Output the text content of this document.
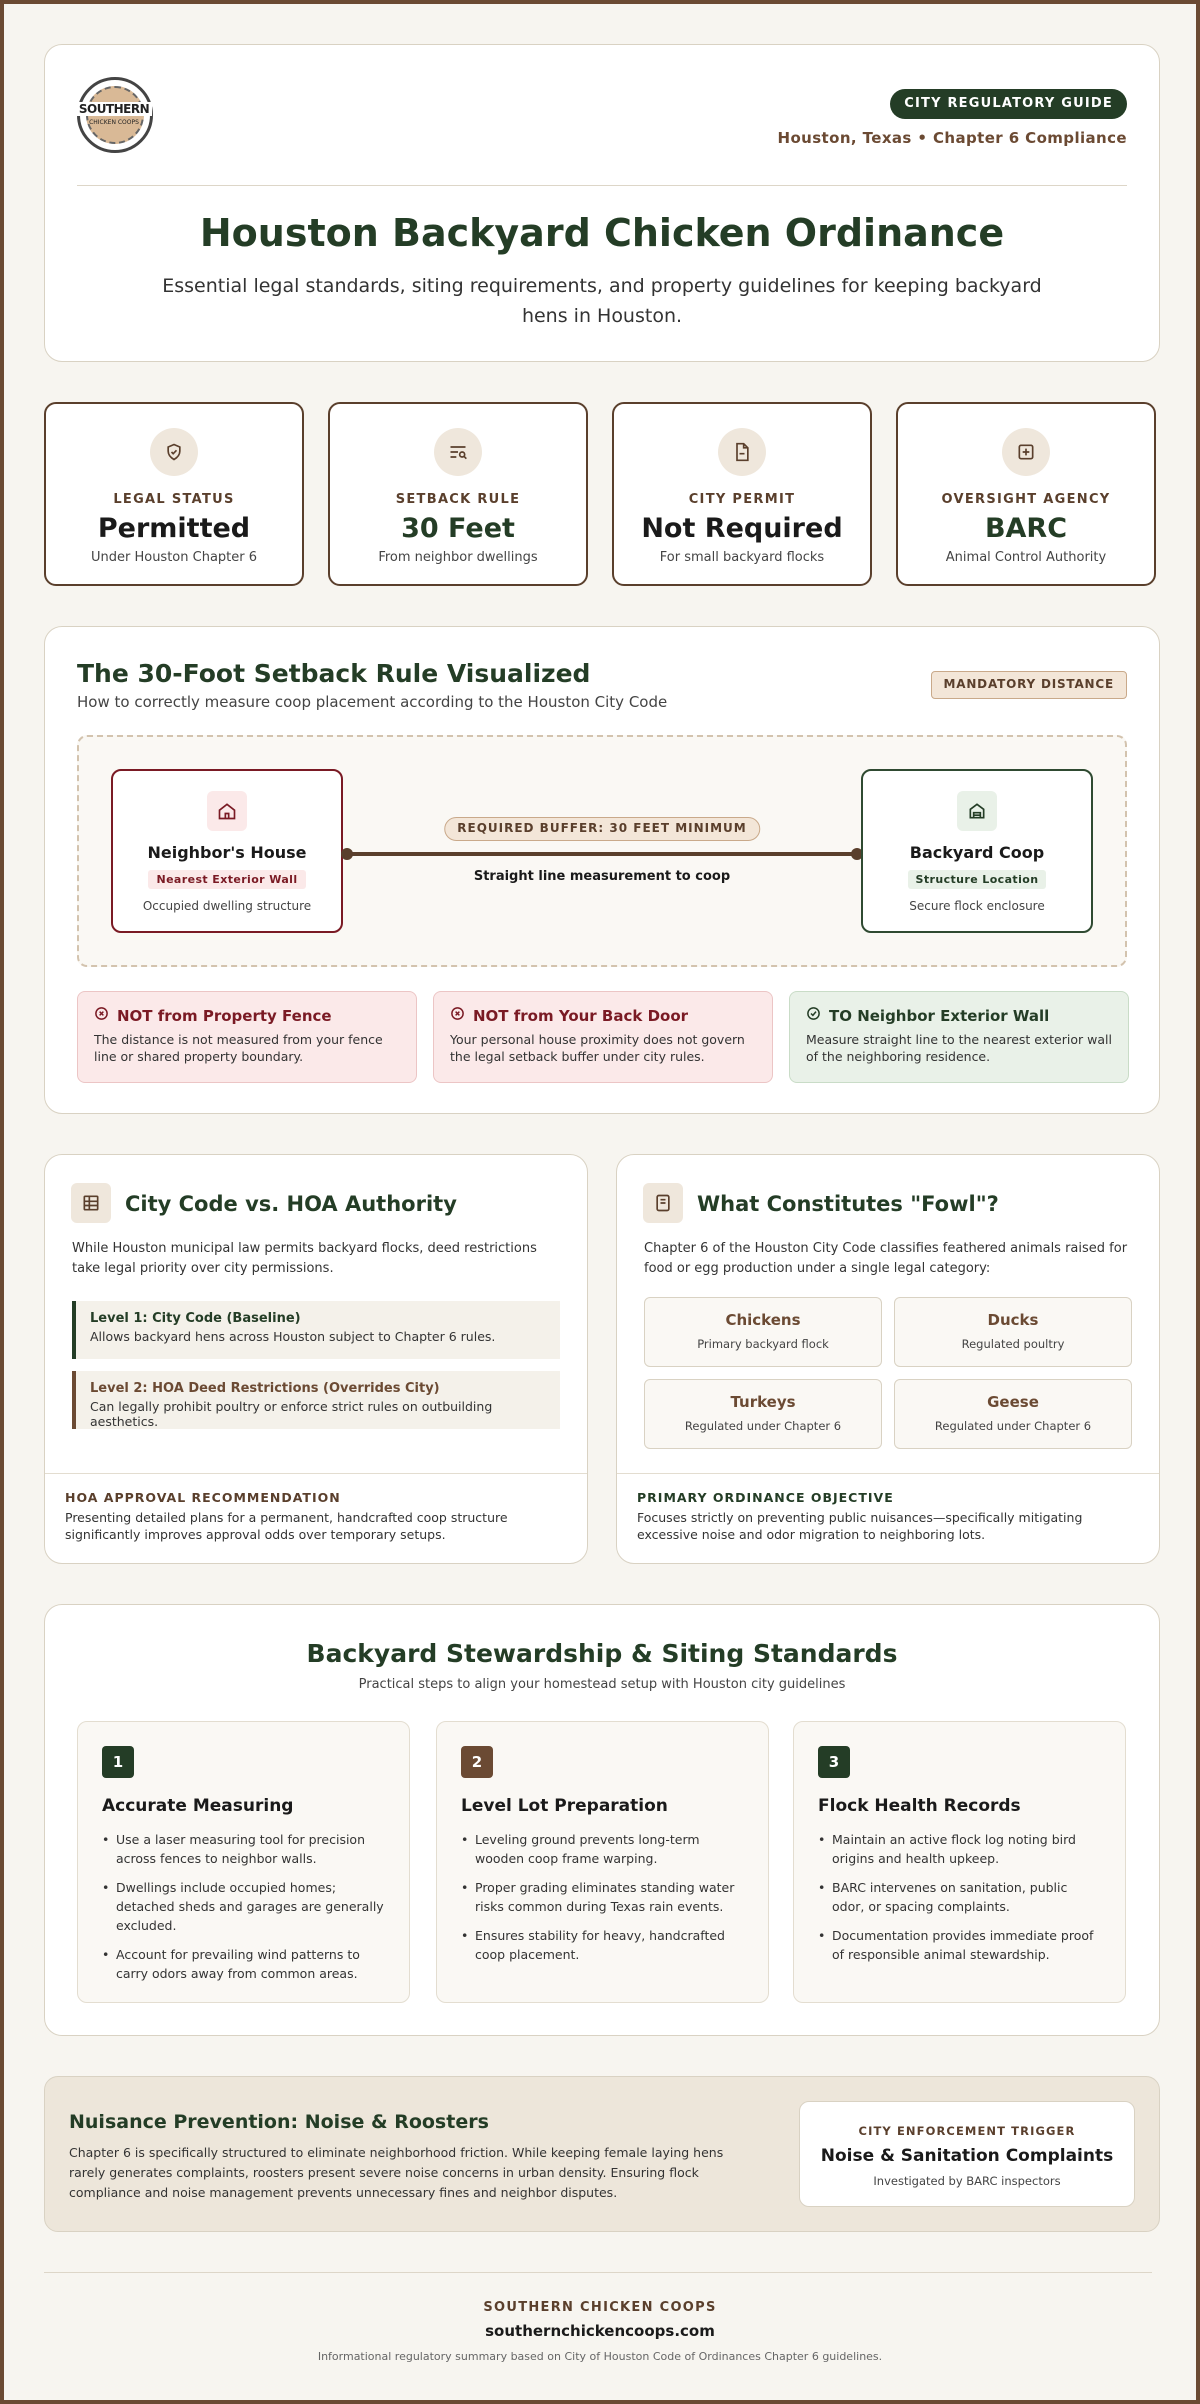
SOUTHERN
CHICKEN COOPS
CITY REGULATORY GUIDE
Houston, Texas • Chapter 6 Compliance
Houston Backyard Chicken Ordinance

Essential legal standards, siting requirements, and property guidelines for keeping backyard hens in Houston.

LEGAL STATUS
Permitted
Under Houston Chapter 6
SETBACK RULE
30 Feet
From neighbor dwellings
CITY PERMIT
Not Required
For small backyard flocks
OVERSIGHT AGENCY
BARC
Animal Control Authority
The 30-Foot Setback Rule Visualized
How to correctly measure coop placement according to the Houston City Code
MANDATORY DISTANCE
Neighbor's House
Nearest Exterior Wall
Occupied dwelling structure
REQUIRED BUFFER: 30 FEET MINIMUM
Straight line measurement to coop
Backyard Coop
Structure Location
Secure flock enclosure
NOT from Property Fence
The distance is not measured from your fence line or shared property boundary.
NOT from Your Back Door
Your personal house proximity does not govern the legal setback buffer under city rules.
TO Neighbor Exterior Wall
Measure straight line to the nearest exterior wall of the neighboring residence.
City Code vs. HOA Authority
While Houston municipal law permits backyard flocks, deed restrictions take legal priority over city permissions.
Level 1: City Code (Baseline)
Allows backyard hens across Houston subject to Chapter 6 rules.
Level 2: HOA Deed Restrictions (Overrides City)
Can legally prohibit poultry or enforce strict rules on outbuilding aesthetics.
HOA APPROVAL RECOMMENDATION
Presenting detailed plans for a permanent, handcrafted coop structure significantly improves approval odds over temporary setups.
What Constitutes "Fowl"?
Chapter 6 of the Houston City Code classifies feathered animals raised for food or egg production under a single legal category:
Chickens
Primary backyard flock
Ducks
Regulated poultry
Turkeys
Regulated under Chapter 6
Geese
Regulated under Chapter 6
PRIMARY ORDINANCE OBJECTIVE
Focuses strictly on preventing public nuisances—specifically mitigating excessive noise and odor migration to neighboring lots.
Backyard Stewardship & Siting Standards
Practical steps to align your homestead setup with Houston city guidelines
1
Accurate Measuring
• Use a laser measuring tool for precision across fences to neighbor walls.
• Dwellings include occupied homes; detached sheds and garages are generally excluded.
• Account for prevailing wind patterns to carry odors away from common areas.
2
Level Lot Preparation
• Leveling ground prevents long-term wooden coop frame warping.
• Proper grading eliminates standing water risks common during Texas rain events.
• Ensures stability for heavy, handcrafted coop placement.
3
Flock Health Records
• Maintain an active flock log noting bird origins and health upkeep.
• BARC intervenes on sanitation, public odor, or spacing complaints.
• Documentation provides immediate proof of responsible animal stewardship.
Nuisance Prevention: Noise & Roosters
Chapter 6 is specifically structured to eliminate neighborhood friction. While keeping female laying hens rarely generates complaints, roosters present severe noise concerns in urban density. Ensuring flock compliance and noise management prevents unnecessary fines and neighbor disputes.
CITY ENFORCEMENT TRIGGER
Noise & Sanitation Complaints
Investigated by BARC inspectors
SOUTHERN CHICKEN COOPS
southernchickencoops.com
Informational regulatory summary based on City of Houston Code of Ordinances Chapter 6 guidelines.
